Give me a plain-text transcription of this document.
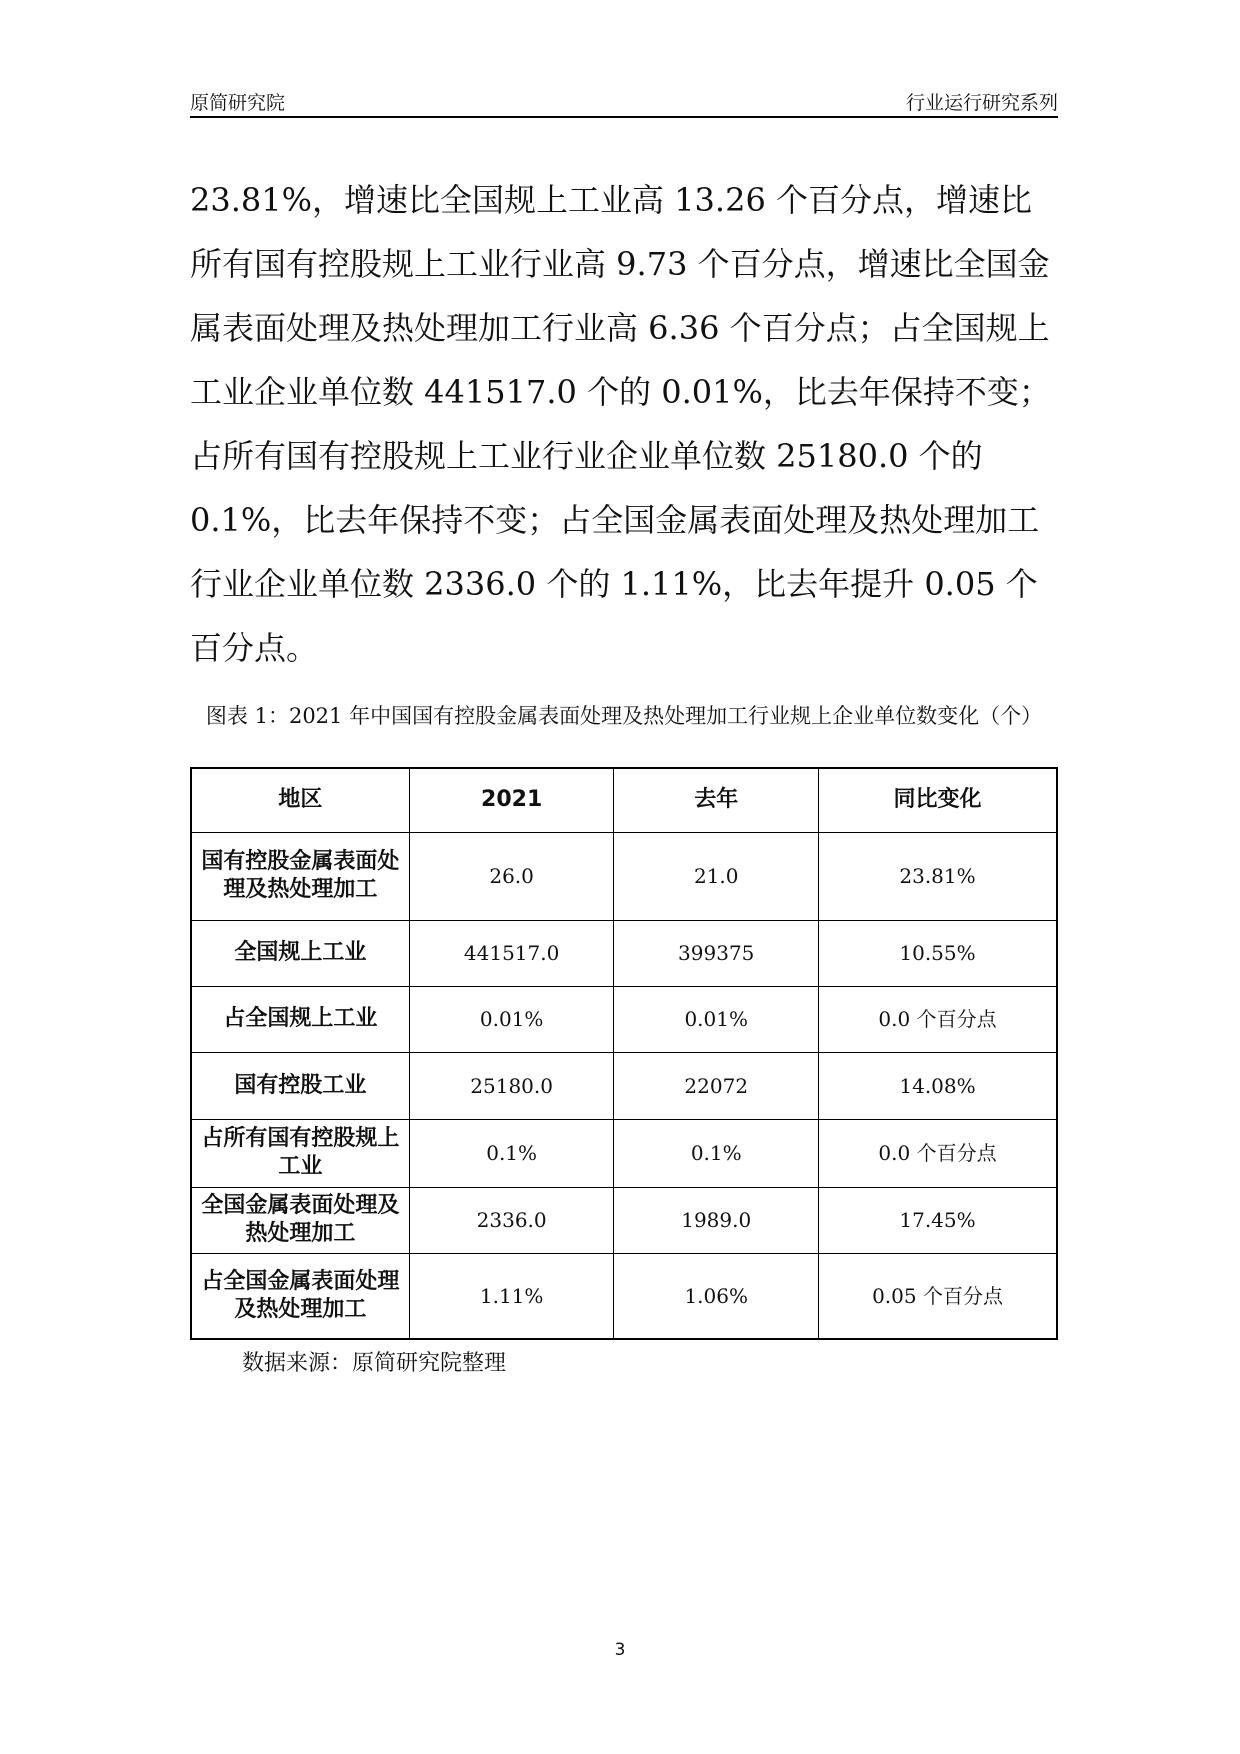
原简研究院	行业运行研究系列

23.81%，增速比全国规上工业高 13.26 个百分点，增速比所有国有控股规上工业行业高 9.73 个百分点，增速比全国金属表面处理及热处理加工行业高 6.36 个百分点；占全国规上工业企业单位数 441517.0 个的 0.01%，比去年保持不变；占所有国有控股规上工业行业企业单位数 25180.0 个的 0.1%，比去年保持不变；占全国金属表面处理及热处理加工行业企业单位数 2336.0 个的 1.11%，比去年提升 0.05 个百分点。

图表 1：2021 年中国国有控股金属表面处理及热处理加工行业规上企业单位数变化（个）

地区	2021	去年	同比变化
国有控股金属表面处理及热处理加工	26.0	21.0	23.81%
全国规上工业	441517.0	399375	10.55%
占全国规上工业	0.01%	0.01%	0.0 个百分点
国有控股工业	25180.0	22072	14.08%
占所有国有控股规上工业	0.1%	0.1%	0.0 个百分点
全国金属表面处理及热处理加工	2336.0	1989.0	17.45%
占全国金属表面处理及热处理加工	1.11%	1.06%	0.05 个百分点

数据来源：原简研究院整理

3
